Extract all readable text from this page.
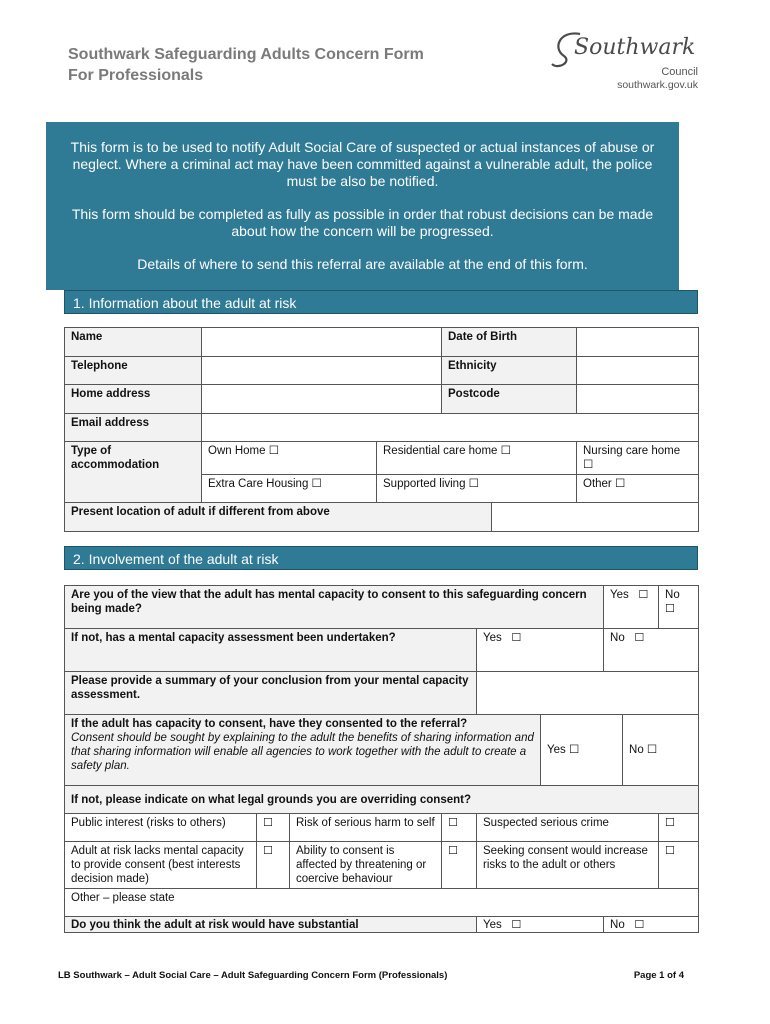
Southwark Safeguarding Adults Concern Form
For Professionals
Southwark
Council
southwark.gov.uk

This form is to be used to notify Adult Social Care of suspected or actual instances of abuse or neglect. Where a criminal act may have been committed against a vulnerable adult, the police must be also be notified.

This form should be completed as fully as possible in order that robust decisions can be made about how the concern will be progressed.

Details of where to send this referral are available at the end of this form.

1. Information about the adult at risk
Name			Date of Birth		
Telephone			Ethnicity		
Home address			Postcode		
Email address					
Type of accommodation	Own Home ☐	Residential care home ☐			Nursing care home ☐
	Extra Care Housing ☐	Supported living ☐			Other ☐
Present location of adult if different from above					
2. Involvement of the adult at risk
Are you of the view that the adult has mental capacity to consent to this safeguarding concern being made?						Yes ☐		No   ☐
If not, has a mental capacity assessment been undertaken?				Yes ☐		No ☐		
Please provide a summary of your conclusion from your mental capacity assessment.								

If the adult has capacity to consent, have they consented to the referral?
Consent should be sought by explaining to the adult the benefits of sharing information and that sharing information will enable all agencies to work together with the adult to create a safety plan.					Yes ☐		No ☐	
If not, please indicate on what legal grounds you are overriding consent?								
Public interest (risks to others)	☐	Risk of serious harm to self	☐	Suspected serious crime				☐
Adult at risk lacks mental capacity to provide consent (best interests decision made)	☐	Ability to consent is affected by threatening or coercive behaviour	☐	Seeking consent would increase risks to the adult or others				☐
Other – please state								
Do you think the adult at risk would have substantial				Yes ☐		No ☐		
LB Southwark – Adult Social Care – Adult Safeguarding Concern Form (Professionals)	Page 1 of 4
